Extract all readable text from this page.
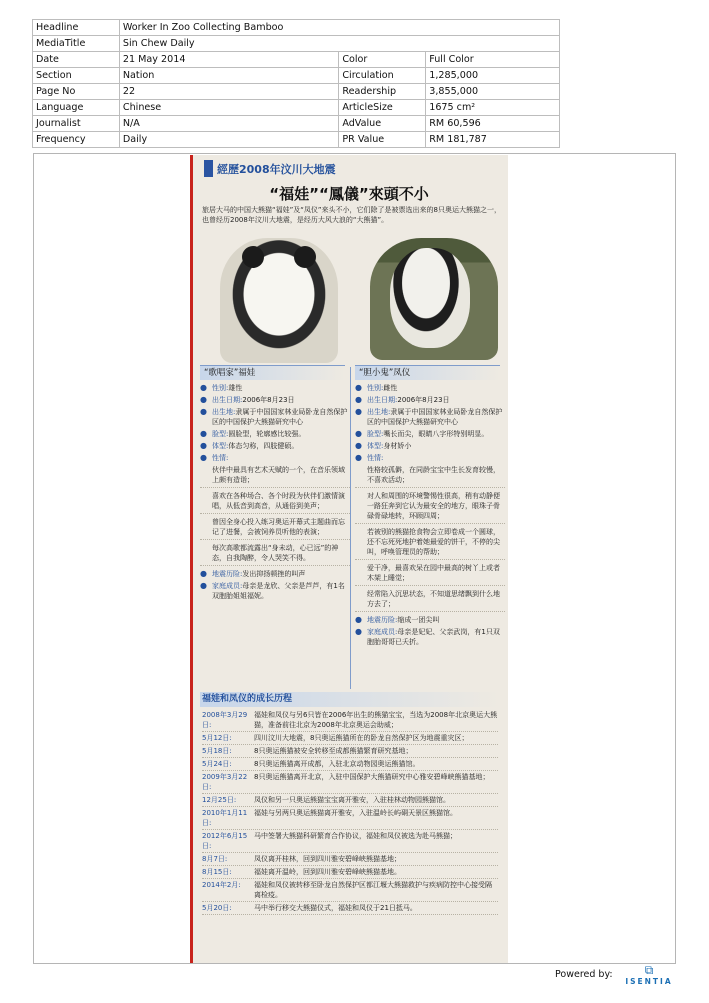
Headline	Worker In Zoo Collecting Bamboo		
MediaTitle	Sin Chew Daily		
Date	21 May 2014	Color	Full Color
Section	Nation	Circulation	1,285,000
Page No	22	Readership	3,855,000
Language	Chinese	ArticleSize	1675 cm²
Journalist	N/A	AdValue	RM 60,596
Frequency	Daily	PR Value	RM 181,787
經歷2008年汶川大地震
“福娃”“鳳儀”來頭不小
旅居大马的中国大熊猫“福娃”及“凤仪”来头不小，它们除了是被票选出来的8只奥运大熊猫之一，也曾经历2008年汶川大地震，是经历大风大浪的“大熊猫”。
“歌唱家”福娃	“胆小鬼”凤仪
● 性别:雄性
● 出生日期:2006年8月23日
● 出生地:隶属于中国国家林业局卧龙自然保护区的中国保护大熊猫研究中心
● 脸型:圆脸型，轮廓感比较强。
● 体型:体态匀称，四肢健硕。
● 性情:
伙伴中最具有艺术天赋的一个，在音乐领域上颇有造诣；
喜欢在各种场合、各个时段为伙伴们激情演唱，从低音到高音，从通俗到美声；
曾因全身心投入练习奥运开幕式主题曲而忘记了进餐，会被饲养员听他的表演；
每次高歌都流露出“身未动，心已远”的神态，自我陶醉，令人哭笑不得。
● 地震历险:发出抑扬顿挫的叫声
● 家庭成员:母亲是龙欣、父亲是芦芦，有1名双胞胎姐姐福妮。
● 性别:雌性
● 出生日期:2006年8月23日
● 出生地:隶属于中国国家林业局卧龙自然保护区的中国保护大熊猫研究中心
● 脸型:嘴长而尖，眼睛八字形特别明显。
● 体型:身材娇小
● 性情:
性格较孤僻，在同龄宝宝中生长发育较慢，不喜欢活动；
对人和周围的环境警惕性很高，稍有动静便一路狂奔到它认为最安全的地方，眼珠子骨碌骨碌地转，环顾四周；
若被别的熊猫抢食物会立即卷成一个圆球，还不忘死死地护着她最爱的饼干，不停的尖叫，呼唤管理员的帮助；
爱干净，最喜欢呆在园中最高的树丫上或者木架上睡觉；
经常陷入沉思状态，不知道思绪飘到什么地方去了；
● 地震历险:缩成一团尖叫
● 家庭成员:母亲是妃妃、父亲武岗，有1只双胞胎哥哥已夭折。
福娃和凤仪的成长历程
2008年3月29日:
福娃和凤仪与另6只皆在2006年出生的熊猫宝宝，当选为2008年北京奥运大熊猫，准备前往北京为2008年北京奥运会助威；
5月12日:	四川汶川大地震，8只奥运熊猫所在的卧龙自然保护区为地震重灾区；
5月18日:	8只奥运熊猫被安全转移至成都熊猫繁育研究基地；
5月24日:	8只奥运熊猫离开成都，入驻北京动物园奥运熊猫馆。
2009年3月22日:
8只奥运熊猫离开北京，入驻中国保护大熊猫研究中心雅安碧峰峡熊猫基地；
12月25日:	凤仪和另一只奥运熊猫宝宝离开雅安，入驻桂林动物园熊猫馆。
2010年1月11日:
福娃与另两只奥运熊猫离开雅安，入驻温岭长屿硐天景区熊猫馆。
2012年6月15日:
马中签署大熊猫科研繁育合作协议，福娃和凤仪被选为赴马熊猫；
8月7日:	凤仪离开桂林，回到四川雅安碧峰峡熊猫基地；
8月15日:	福娃离开温岭，回到四川雅安碧峰峡熊猫基地。
2014年2月:	福娃和凤仪被转移至卧龙自然保护区都江堰大熊猫救护与疾病防控中心接受隔离检疫。
5月20日:	马中举行移交大熊猫仪式，福娃和凤仪于21日抵马。
Powered by:	⧉
ISENTIA
